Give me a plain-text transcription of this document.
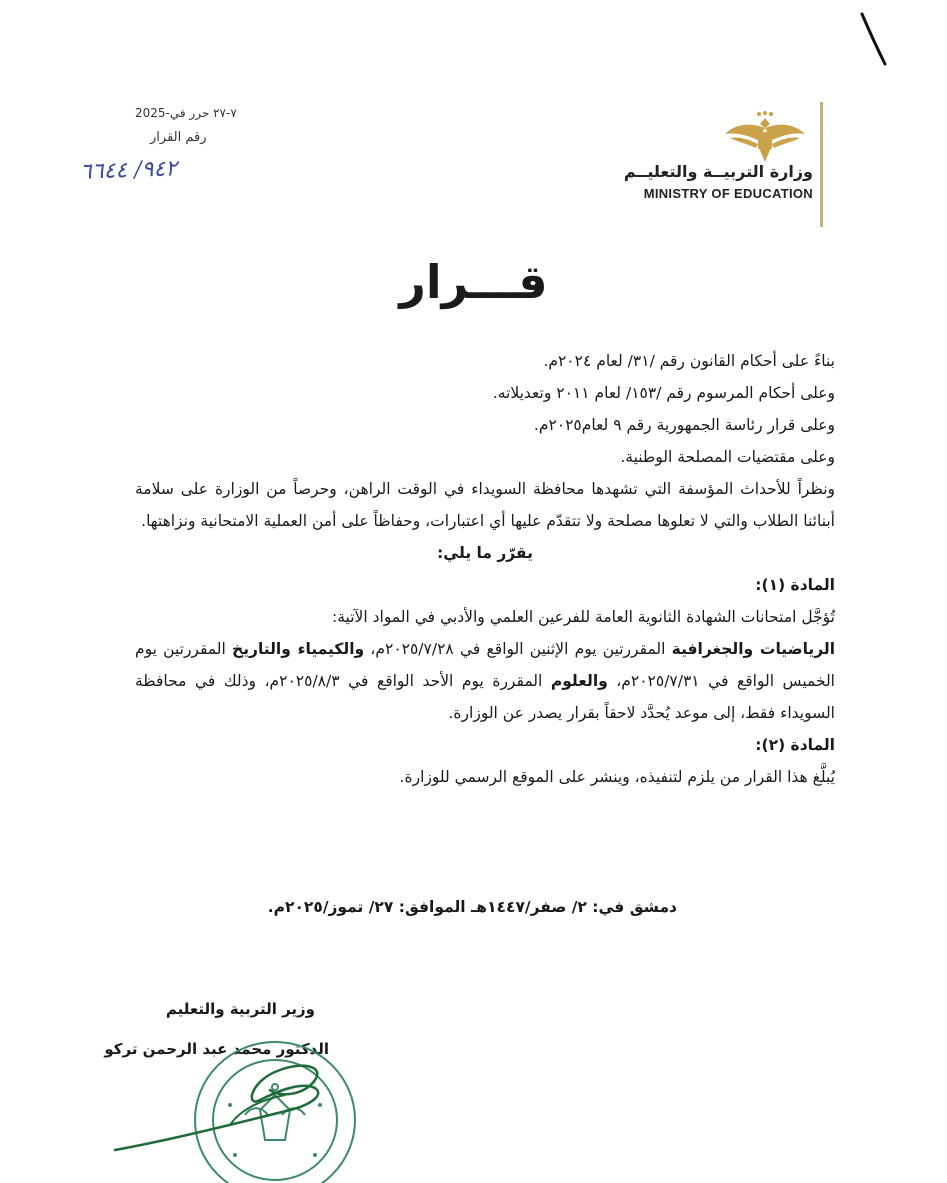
وزارة التربيــة والتعليــم
MINISTRY OF EDUCATION
2025-٧-٢٧ حرر في
رقم القرار
٩٤٢/ ٦٦٤٤
قـــرار

بناءً على أحكام القانون رقم /٣١/ لعام ٢٠٢٤م.

وعلى أحكام المرسوم رقم /١٥٣/ لعام ٢٠١١ وتعديلاته.

وعلى قرار رئاسة الجمهورية رقم ٩ لعام٢٠٢٥م.

وعلى مقتضيات المصلحة الوطنية.

ونظراً للأحداث المؤسفة التي تشهدها محافظة السويداء في الوقت الراهن، وحرصاً من الوزارة على سلامة أبنائنا الطلاب والتي لا تعلوها مصلحة ولا تتقدّم عليها أي اعتبارات، وحفاظاً على أمن العملية الامتحانية ونزاهتها.

يقرّر ما يلي:

المادة (١):

تُؤجَّل امتحانات الشهادة الثانوية العامة للفرعين العلمي والأدبي في المواد الآتية:

الرياضيات والجغرافية المقررتين يوم الإثنين الواقع في ٢٠٢٥/٧/٢٨م، والكيمياء والتاريخ المقررتين يوم الخميس الواقع في ٢٠٢٥/٧/٣١م، والعلوم المقررة يوم الأحد الواقع في ٢٠٢٥/٨/٣م، وذلك في محافظة السويداء فقط، إلى موعد يُحدَّد لاحقاً بقرار يصدر عن الوزارة.

المادة (٢):

يُبلَّغ هذا القرار من يلزم لتنفيذه، وينشر على الموقع الرسمي للوزارة.

دمشق في: ٢/ صفر/١٤٤٧هـ الموافق: ٢٧/ تموز/٢٠٢٥م.
وزير التربية والتعليم
الدكتور محمد عبد الرحمن تركو
